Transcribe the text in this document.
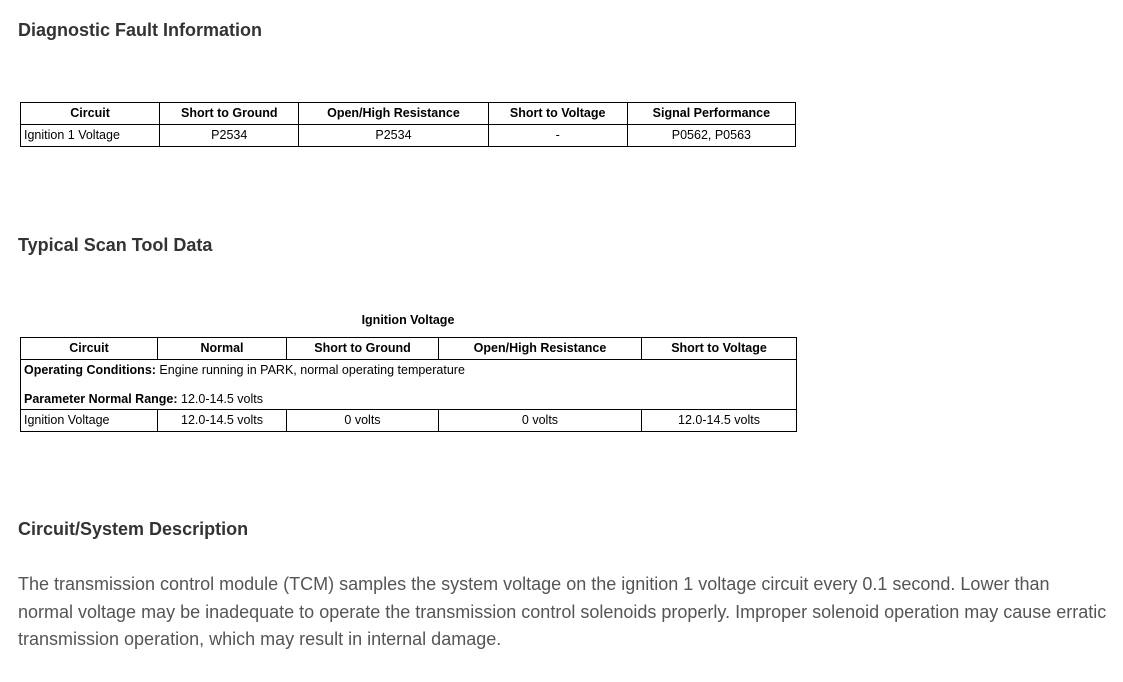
Diagnostic Fault Information
Circuit	Short to Ground	Open/High Resistance	Short to Voltage	Signal Performance
Ignition 1 Voltage	P2534	P2534	-	P0562, P0563
Typical Scan Tool Data

Ignition Voltage

Circuit	Normal	Short to Ground	Open/High Resistance	Short to Voltage
Operating Conditions: Engine running in PARK, normal operating temperature				
Parameter Normal Range: 12.0-14.5 volts				
Ignition Voltage	12.0-14.5 volts	0 volts	0 volts	12.0-14.5 volts
Circuit/System Description

The transmission control module (TCM) samples the system voltage on the ignition 1 voltage circuit every 0.1 second. Lower than normal voltage may be inadequate to operate the transmission control solenoids properly. Improper solenoid operation may cause erratic transmission operation, which may result in internal damage.
